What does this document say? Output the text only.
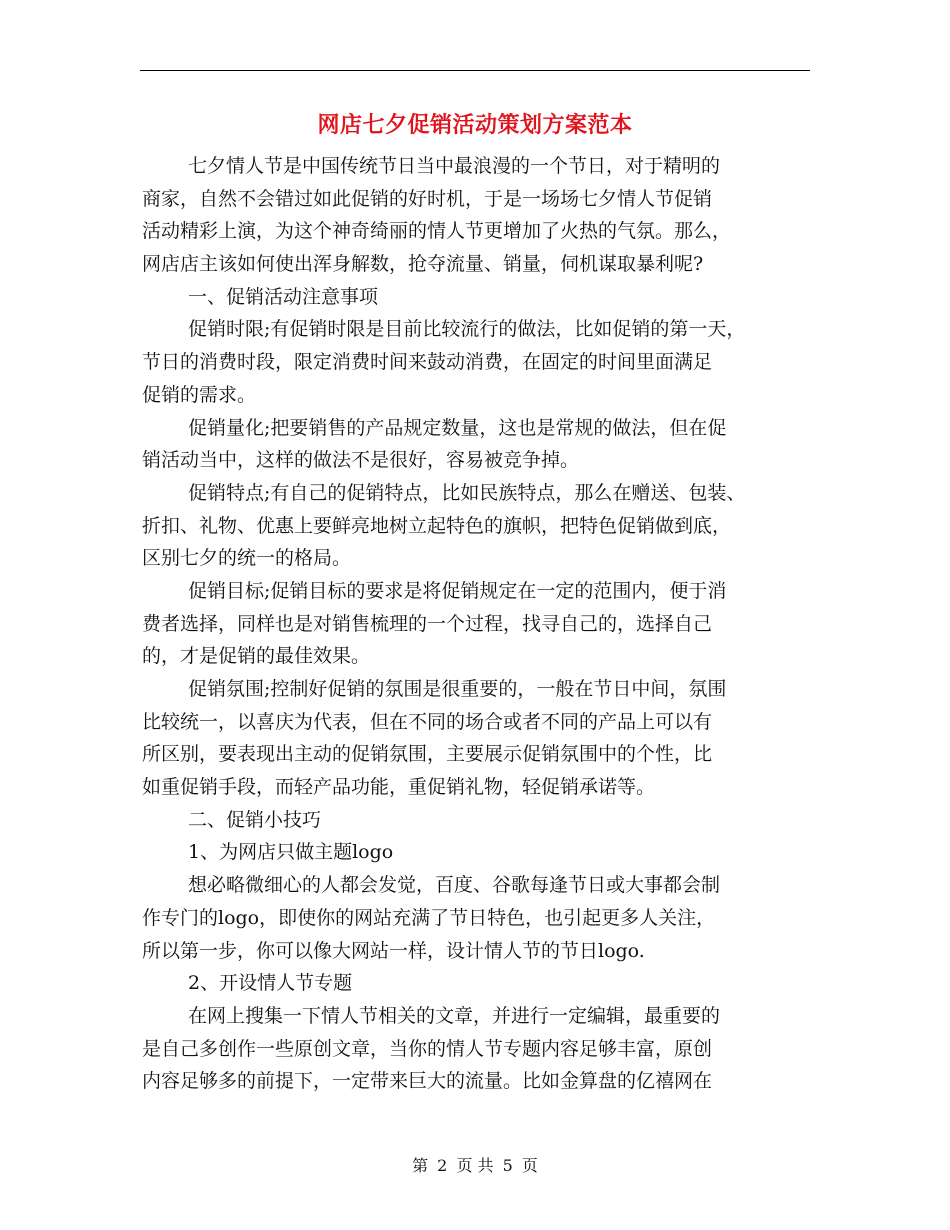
网店七夕促销活动策划方案范本

七夕情人节是中国传统节日当中最浪漫的一个节日，对于精明的
商家，自然不会错过如此促销的好时机，于是一场场七夕情人节促销
活动精彩上演，为这个神奇绮丽的情人节更增加了火热的气氛。那么，
网店店主该如何使出浑身解数，抢夺流量、销量，伺机谋取暴利呢?

一、促销活动注意事项

促销时限;有促销时限是目前比较流行的做法，比如促销的第一天，
节日的消费时段，限定消费时间来鼓动消费，在固定的时间里面满足
促销的需求。

促销量化;把要销售的产品规定数量，这也是常规的做法，但在促
销活动当中，这样的做法不是很好，容易被竞争掉。

促销特点;有自己的促销特点，比如民族特点，那么在赠送、包装、
折扣、礼物、优惠上要鲜亮地树立起特色的旗帜，把特色促销做到底，
区别七夕的统一的格局。

促销目标;促销目标的要求是将促销规定在一定的范围内，便于消
费者选择，同样也是对销售梳理的一个过程，找寻自己的，选择自己
的，才是促销的最佳效果。

促销氛围;控制好促销的氛围是很重要的，一般在节日中间，氛围
比较统一，以喜庆为代表，但在不同的场合或者不同的产品上可以有
所区别，要表现出主动的促销氛围，主要展示促销氛围中的个性，比
如重促销手段，而轻产品功能，重促销礼物，轻促销承诺等。

二、促销小技巧

1、为网店只做主题logo

想必略微细心的人都会发觉，百度、谷歌每逢节日或大事都会制
作专门的logo，即使你的网站充满了节日特色，也引起更多人关注，
所以第一步，你可以像大网站一样，设计情人节的节日logo.

2、开设情人节专题

在网上搜集一下情人节相关的文章，并进行一定编辑，最重要的
是自己多创作一些原创文章，当你的情人节专题内容足够丰富，原创
内容足够多的前提下，一定带来巨大的流量。比如金算盘的亿禧网在

第 2 页 共 5 页
